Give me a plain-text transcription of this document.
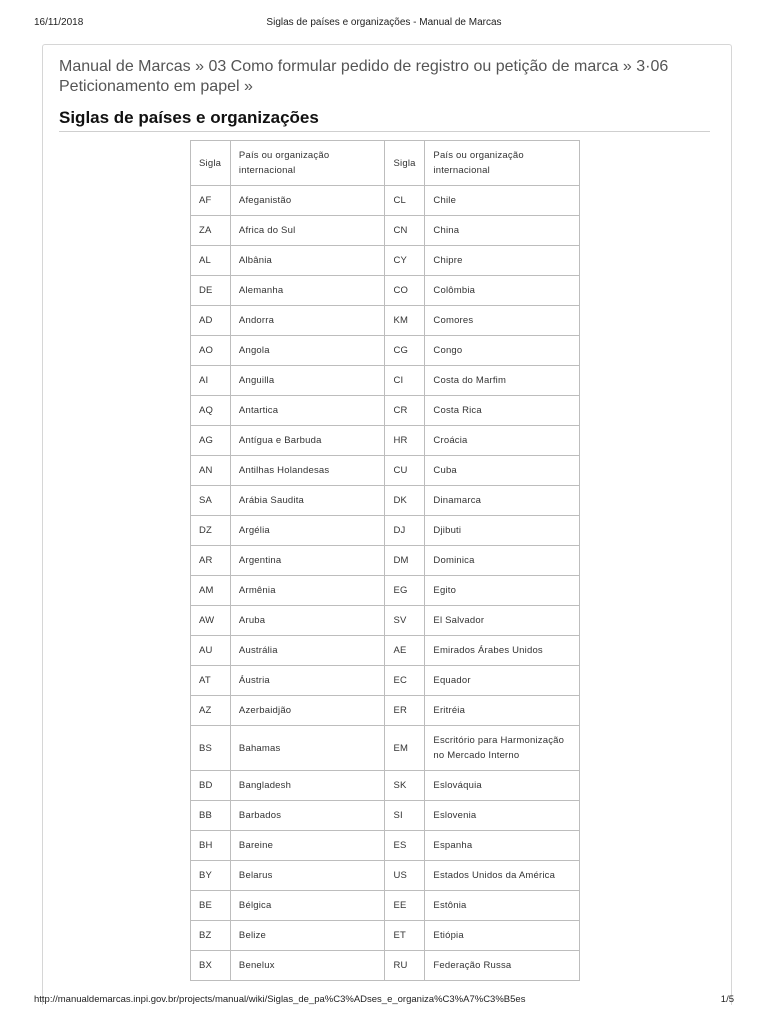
16/11/2018	Siglas de países e organizações - Manual de Marcas
Manual de Marcas » 03 Como formular pedido de registro ou petição de marca » 3·06 Peticionamento em papel »
Siglas de países e organizações
Sigla	País ou organização internacional	Sigla	País ou organização internacional
AF	Afeganistão	CL	Chile
ZA	Africa do Sul	CN	China
AL	Albânia	CY	Chipre
DE	Alemanha	CO	Colômbia
AD	Andorra	KM	Comores
AO	Angola	CG	Congo
AI	Anguilla	CI	Costa do Marfim
AQ	Antartica	CR	Costa Rica
AG	Antígua e Barbuda	HR	Croácia
AN	Antilhas Holandesas	CU	Cuba
SA	Arábia Saudita	DK	Dinamarca
DZ	Argélia	DJ	Djibuti
AR	Argentina	DM	Dominica
AM	Armênia	EG	Egito
AW	Aruba	SV	El Salvador
AU	Austrália	AE	Emirados Árabes Unidos
AT	Áustria	EC	Equador
AZ	Azerbaidjão	ER	Eritréia
BS	Bahamas	EM	Escritório para Harmonização no Mercado Interno
BD	Bangladesh	SK	Eslováquia
BB	Barbados	SI	Eslovenia
BH	Bareine	ES	Espanha
BY	Belarus	US	Estados Unidos da América
BE	Bélgica	EE	Estônia
BZ	Belize	ET	Etiópia
BX	Benelux	RU	Federação Russa
http://manualdemarcas.inpi.gov.br/projects/manual/wiki/Siglas_de_pa%C3%ADses_e_organiza%C3%A7%C3%B5es	1/5
